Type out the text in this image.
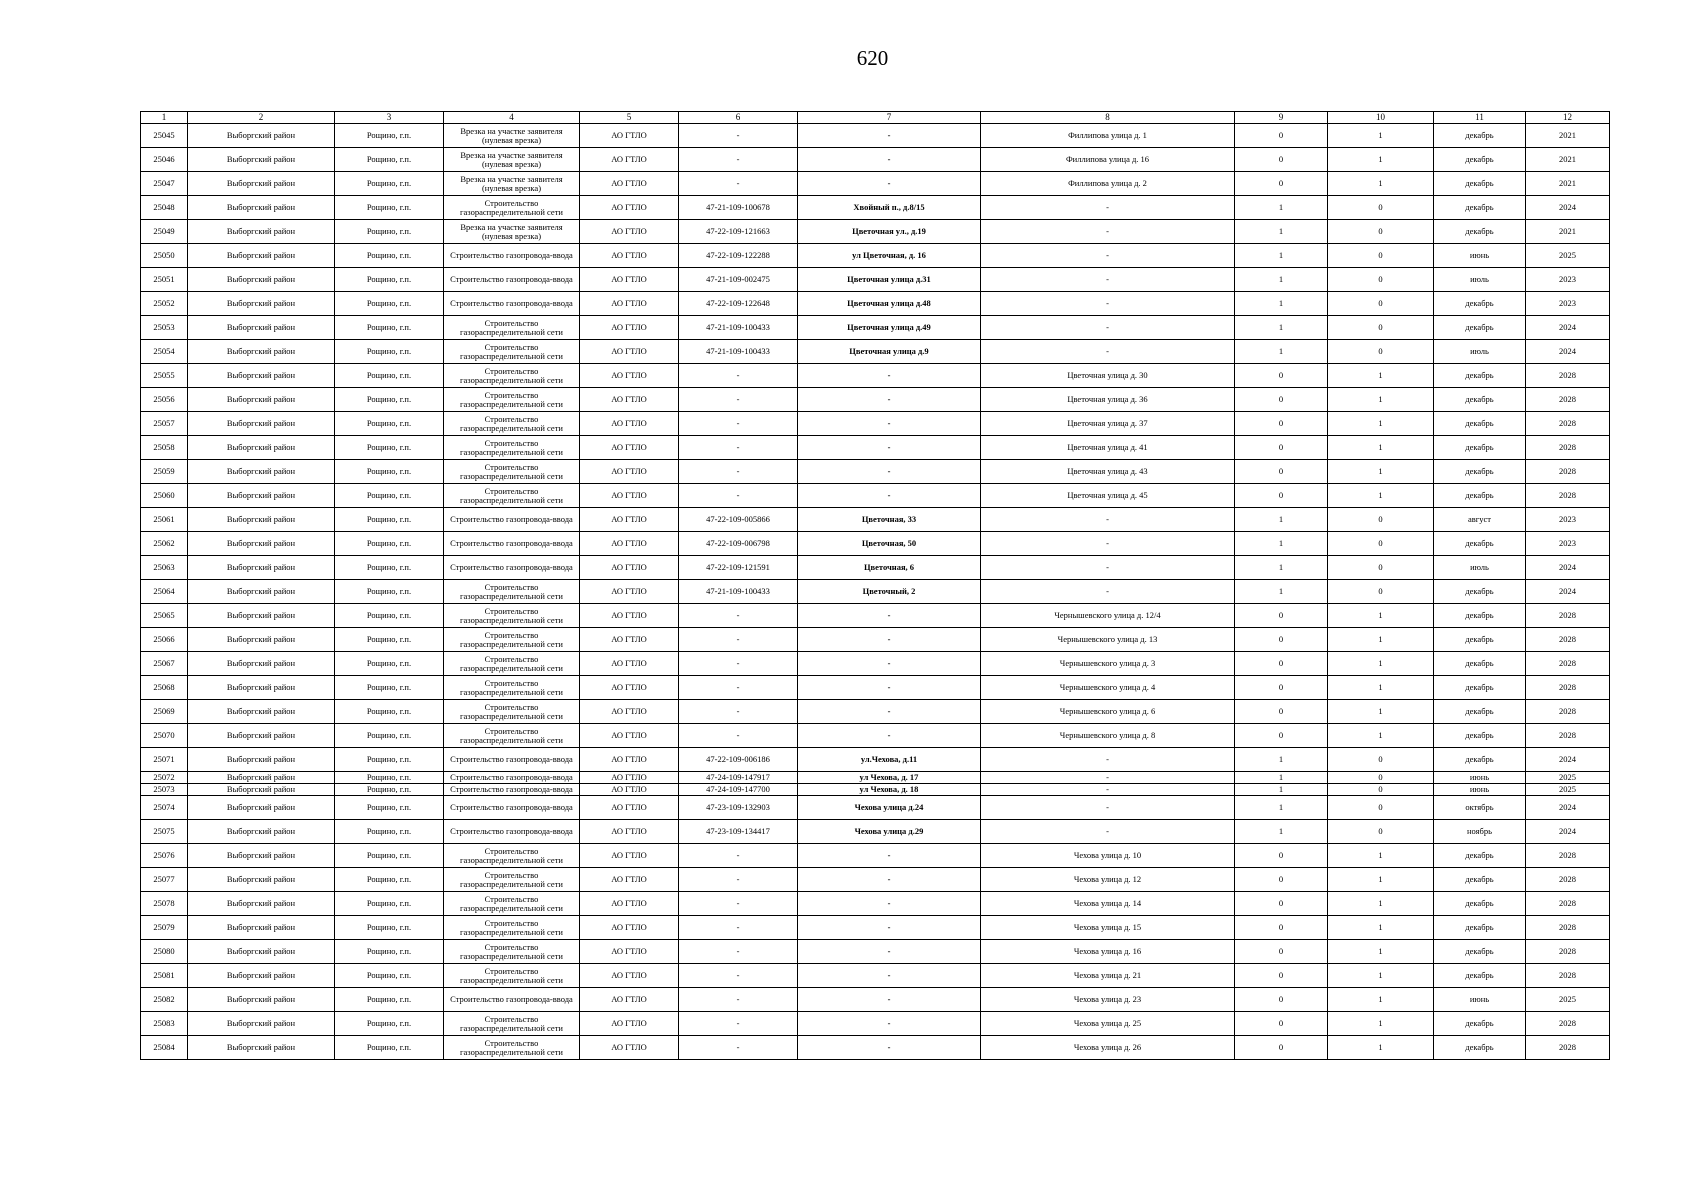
620
1	2	3	4	5	6	7	8	9	10	11	12
25045	Выборгский район	Рощино, г.п.	Врезка на участке заявителя (нулевая врезка)	АО ГТЛО	-	-	Филлипова улица д. 1	0	1	декабрь	2021
25046	Выборгский район	Рощино, г.п.	Врезка на участке заявителя (нулевая врезка)	АО ГТЛО	-	-	Филлипова улица д. 16	0	1	декабрь	2021
25047	Выборгский район	Рощино, г.п.	Врезка на участке заявителя (нулевая врезка)	АО ГТЛО	-	-	Филлипова улица д. 2	0	1	декабрь	2021
25048	Выборгский район	Рощино, г.п.	Строительство газораспределительной сети	АО ГТЛО	47-21-109-100678	Хвойный п., д.8/15	-	1	0	декабрь	2024
25049	Выборгский район	Рощино, г.п.	Врезка на участке заявителя (нулевая врезка)	АО ГТЛО	47-22-109-121663	Цветочная ул., д.19	-	1	0	декабрь	2021
25050	Выборгский район	Рощино, г.п.	Строительство газопровода-ввода	АО ГТЛО	47-22-109-122288	ул Цветочная, д. 16	-	1	0	июнь	2025
25051	Выборгский район	Рощино, г.п.	Строительство газопровода-ввода	АО ГТЛО	47-21-109-002475	Цветочная улица д.31	-	1	0	июль	2023
25052	Выборгский район	Рощино, г.п.	Строительство газопровода-ввода	АО ГТЛО	47-22-109-122648	Цветочная улица д.48	-	1	0	декабрь	2023
25053	Выборгский район	Рощино, г.п.	Строительство газораспределительной сети	АО ГТЛО	47-21-109-100433	Цветочная улица д.49	-	1	0	декабрь	2024
25054	Выборгский район	Рощино, г.п.	Строительство газораспределительной сети	АО ГТЛО	47-21-109-100433	Цветочная улица д.9	-	1	0	июль	2024
25055	Выборгский район	Рощино, г.п.	Строительство газораспределительной сети	АО ГТЛО	-	-	Цветочная улица д. 30	0	1	декабрь	2028
25056	Выборгский район	Рощино, г.п.	Строительство газораспределительной сети	АО ГТЛО	-	-	Цветочная улица д. 36	0	1	декабрь	2028
25057	Выборгский район	Рощино, г.п.	Строительство газораспределительной сети	АО ГТЛО	-	-	Цветочная улица д. 37	0	1	декабрь	2028
25058	Выборгский район	Рощино, г.п.	Строительство газораспределительной сети	АО ГТЛО	-	-	Цветочная улица д. 41	0	1	декабрь	2028
25059	Выборгский район	Рощино, г.п.	Строительство газораспределительной сети	АО ГТЛО	-	-	Цветочная улица д. 43	0	1	декабрь	2028
25060	Выборгский район	Рощино, г.п.	Строительство газораспределительной сети	АО ГТЛО	-	-	Цветочная улица д. 45	0	1	декабрь	2028
25061	Выборгский район	Рощино, г.п.	Строительство газопровода-ввода	АО ГТЛО	47-22-109-005866	Цветочная, 33	-	1	0	август	2023
25062	Выборгский район	Рощино, г.п.	Строительство газопровода-ввода	АО ГТЛО	47-22-109-006798	Цветочная, 50	-	1	0	декабрь	2023
25063	Выборгский район	Рощино, г.п.	Строительство газопровода-ввода	АО ГТЛО	47-22-109-121591	Цветочная, 6	-	1	0	июль	2024
25064	Выборгский район	Рощино, г.п.	Строительство газораспределительной сети	АО ГТЛО	47-21-109-100433	Цветочный, 2	-	1	0	декабрь	2024
25065	Выборгский район	Рощино, г.п.	Строительство газораспределительной сети	АО ГТЛО	-	-	Чернышевского улица д. 12/4	0	1	декабрь	2028
25066	Выборгский район	Рощино, г.п.	Строительство газораспределительной сети	АО ГТЛО	-	-	Чернышевского улица д. 13	0	1	декабрь	2028
25067	Выборгский район	Рощино, г.п.	Строительство газораспределительной сети	АО ГТЛО	-	-	Чернышевского улица д. 3	0	1	декабрь	2028
25068	Выборгский район	Рощино, г.п.	Строительство газораспределительной сети	АО ГТЛО	-	-	Чернышевского улица д. 4	0	1	декабрь	2028
25069	Выборгский район	Рощино, г.п.	Строительство газораспределительной сети	АО ГТЛО	-	-	Чернышевского улица д. 6	0	1	декабрь	2028
25070	Выборгский район	Рощино, г.п.	Строительство газораспределительной сети	АО ГТЛО	-	-	Чернышевского улица д. 8	0	1	декабрь	2028
25071	Выборгский район	Рощино, г.п.	Строительство газопровода-ввода	АО ГТЛО	47-22-109-006186	ул.Чехова, д.11	-	1	0	декабрь	2024
25072	Выборгский район	Рощино, г.п.	Строительство газопровода-ввода	АО ГТЛО	47-24-109-147917	ул Чехова, д. 17	-	1	0	июнь	2025
25073	Выборгский район	Рощино, г.п.	Строительство газопровода-ввода	АО ГТЛО	47-24-109-147700	ул Чехова, д. 18	-	1	0	июнь	2025
25074	Выборгский район	Рощино, г.п.	Строительство газопровода-ввода	АО ГТЛО	47-23-109-132903	Чехова улица д.24	-	1	0	октябрь	2024
25075	Выборгский район	Рощино, г.п.	Строительство газопровода-ввода	АО ГТЛО	47-23-109-134417	Чехова улица д.29	-	1	0	ноябрь	2024
25076	Выборгский район	Рощино, г.п.	Строительство газораспределительной сети	АО ГТЛО	-	-	Чехова улица д. 10	0	1	декабрь	2028
25077	Выборгский район	Рощино, г.п.	Строительство газораспределительной сети	АО ГТЛО	-	-	Чехова улица д. 12	0	1	декабрь	2028
25078	Выборгский район	Рощино, г.п.	Строительство газораспределительной сети	АО ГТЛО	-	-	Чехова улица д. 14	0	1	декабрь	2028
25079	Выборгский район	Рощино, г.п.	Строительство газораспределительной сети	АО ГТЛО	-	-	Чехова улица д. 15	0	1	декабрь	2028
25080	Выборгский район	Рощино, г.п.	Строительство газораспределительной сети	АО ГТЛО	-	-	Чехова улица д. 16	0	1	декабрь	2028
25081	Выборгский район	Рощино, г.п.	Строительство газораспределительной сети	АО ГТЛО	-	-	Чехова улица д. 21	0	1	декабрь	2028
25082	Выборгский район	Рощино, г.п.	Строительство газопровода-ввода	АО ГТЛО	-	-	Чехова улица д. 23	0	1	июнь	2025
25083	Выборгский район	Рощино, г.п.	Строительство газораспределительной сети	АО ГТЛО	-	-	Чехова улица д. 25	0	1	декабрь	2028
25084	Выборгский район	Рощино, г.п.	Строительство газораспределительной сети	АО ГТЛО	-	-	Чехова улица д. 26	0	1	декабрь	2028
